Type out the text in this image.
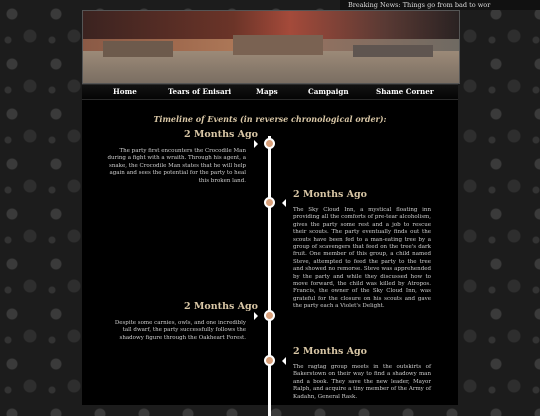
Breaking News: Things go from bad to wor
Home	Tears of Enisari	Maps	Campaign	Shame Corner
Timeline of Events (in reverse chronological order):
2 Months Ago
The party first encounters the Crocodile Man during a fight with a wraith. Through his agent, a snake, the Crocodile Man states that he will help again and sees the potential for the party to heal this broken land.
2 Months Ago
The Sky Cloud Inn, a mystical floating inn providing all the comforts of pre-tear alcoholism, gives the party some rest and a job to rescue their scouts. The party eventually finds out the scouts have been fed to a man-eating tree by a group of scavengers that feed on the tree's dark fruit. One member of this group, a child named Steve, attempted to feed the party to the tree and showed no remorse. Steve was apprehended by the party and while they discussed how to move forward, the child was killed by Atropos. Francis, the owner of the Sky Cloud Inn, was grateful for the closure on his scouts and gave the party each a Violet's Delight.
2 Months Ago
Despite some carnies, owls, and one incredibly tall dwarf, the party successfully follows the shadowy figure through the Oakheart Forest.
2 Months Ago
The ragtag group meets in the outskirts of Bakerstown on their way to find a shadowy man and a book. They save the new leader, Mayor Ralph, and acquire a tiny member of the Army of Kadahn, General Rask.
